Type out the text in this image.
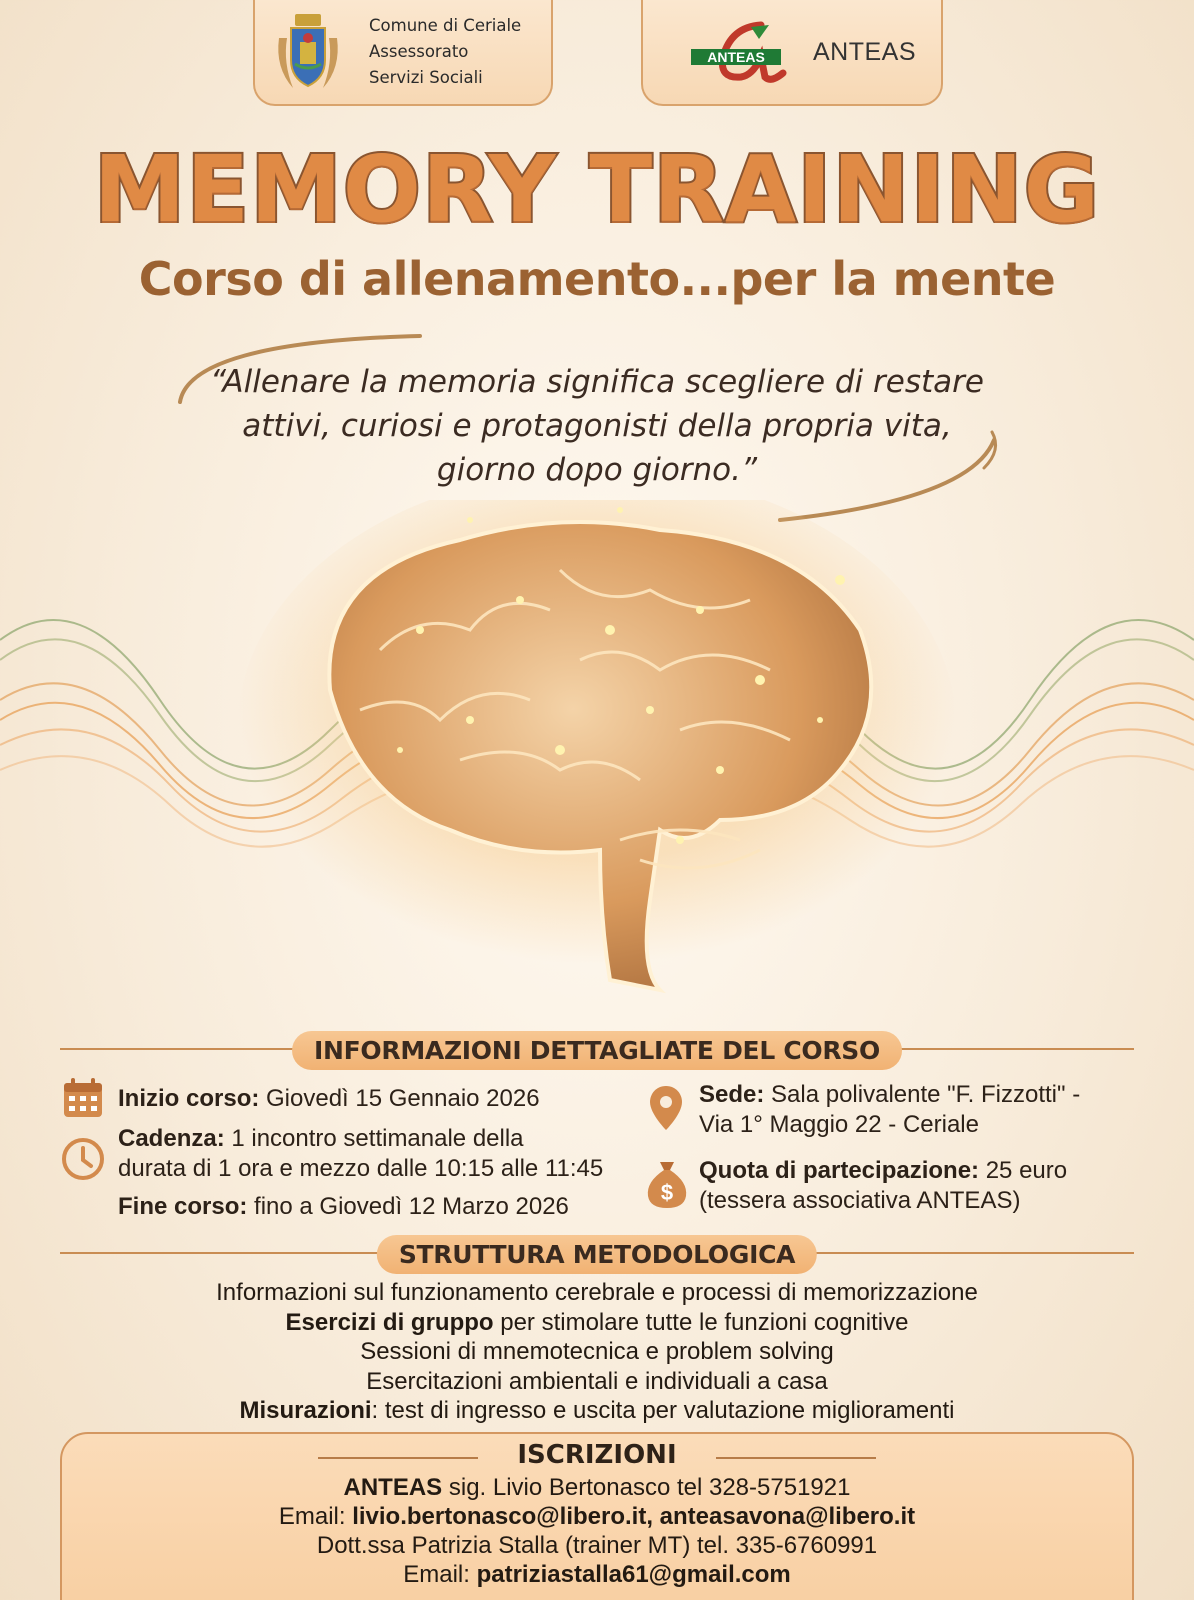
Comune di Ceriale
Assessorato
Servizi Sociali
ANTEAS ANTEAS
MEMORY TRAINING
Corso di allenamento...per la mente
“Allenare la memoria significa scegliere di restare
attivi, curiosi e protagonisti della propria vita,
giorno dopo giorno.”
INFORMAZIONI DETTAGLIATE DEL CORSO
Inizio corso: Giovedì 15 Gennaio 2026
Cadenza: 1 incontro settimanale della
durata di 1 ora e mezzo dalle 10:15 alle 11:45
Fine corso: fino a Giovedì 12 Marzo 2026
Sede: Sala polivalente "F. Fizzotti" -
Via 1° Maggio 22 - Ceriale
$
Quota di partecipazione: 25 euro
(tessera associativa ANTEAS)
STRUTTURA METODOLOGICA
Informazioni sul funzionamento cerebrale e processi di memorizzazione
Esercizi di gruppo per stimolare tutte le funzioni cognitive
Sessioni di mnemotecnica e problem solving
Esercitazioni ambientali e individuali a casa
Misurazioni: test di ingresso e uscita per valutazione miglioramenti
ISCRIZIONI
ANTEAS sig. Livio Bertonasco tel 328-5751921
Email: livio.bertonasco@libero.it, anteasavona@libero.it
Dott.ssa Patrizia Stalla (trainer MT) tel. 335-6760991
Email: patriziastalla61@gmail.com
